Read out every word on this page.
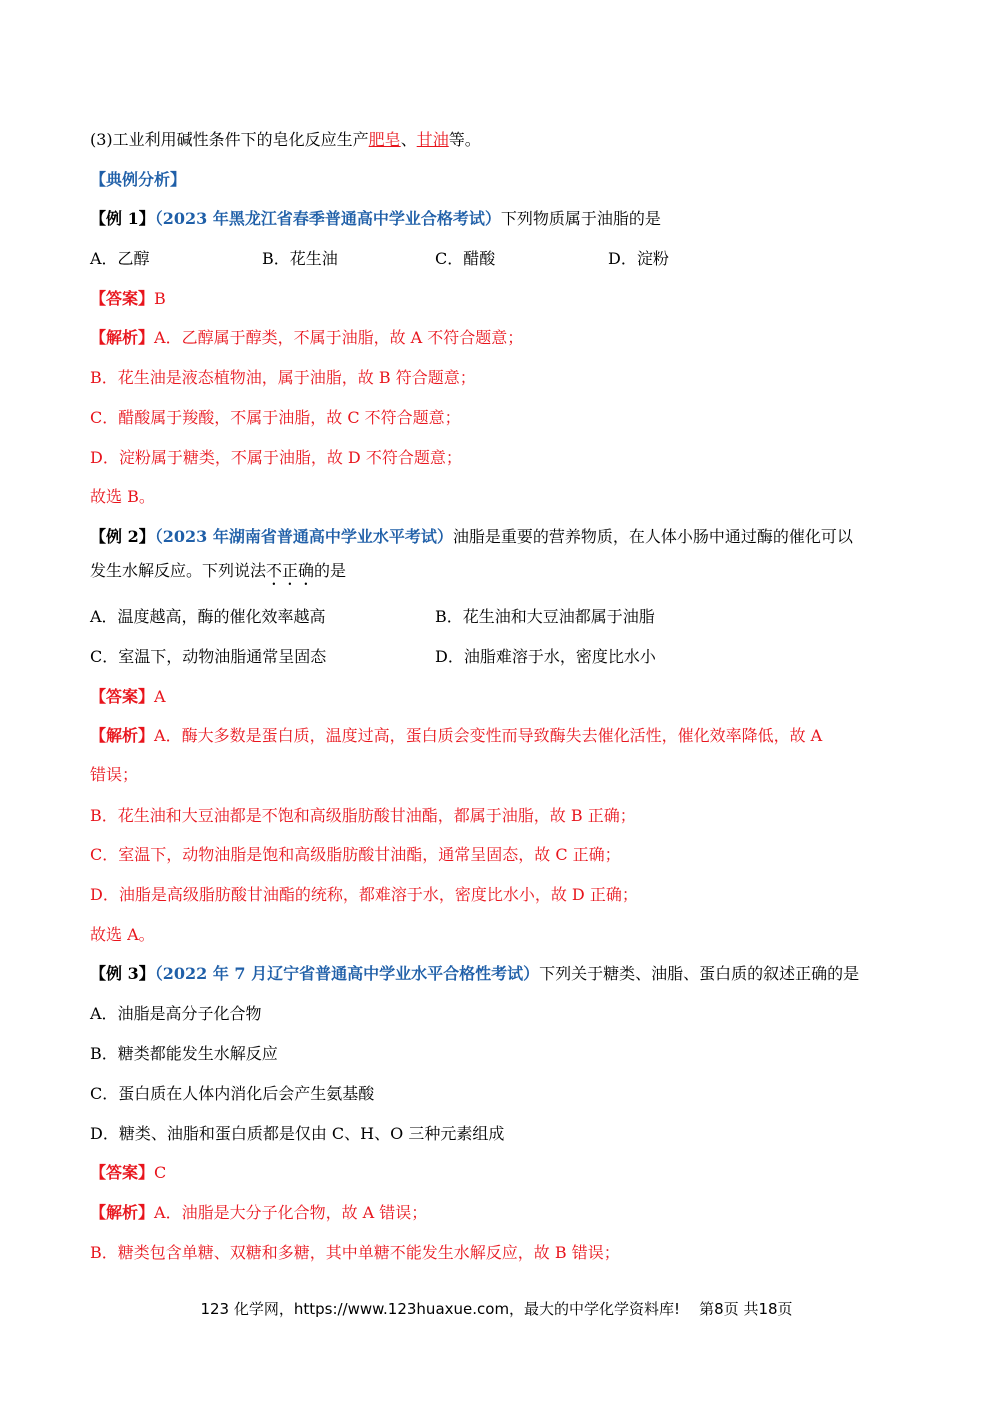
(3)工业利用碱性条件下的皂化反应生产肥皂、甘油等。
【典例分析】
【例 1】（2023 年黑龙江省春季普通高中学业合格考试）下列物质属于油脂的是
A．乙醇	B．花生油	C．醋酸	D．淀粉
【答案】B
【解析】A．乙醇属于醇类，不属于油脂，故 A 不符合题意；
B．花生油是液态植物油，属于油脂，故 B 符合题意；
C．醋酸属于羧酸，不属于油脂，故 C 不符合题意；
D．淀粉属于糖类，不属于油脂，故 D 不符合题意；
故选 B。
【例 2】（2023 年湖南省普通高中学业水平考试）油脂是重要的营养物质，在人体小肠中通过酶的催化可以
发生水解反应。下列说法不正确的是
A．温度越高，酶的催化效率越高	B．花生油和大豆油都属于油脂
C．室温下，动物油脂通常呈固态	D．油脂难溶于水，密度比水小
【答案】A
【解析】A．酶大多数是蛋白质，温度过高，蛋白质会变性而导致酶失去催化活性，催化效率降低，故 A
错误；
B．花生油和大豆油都是不饱和高级脂肪酸甘油酯，都属于油脂，故 B 正确；
C．室温下，动物油脂是饱和高级脂肪酸甘油酯，通常呈固态，故 C 正确；
D．油脂是高级脂肪酸甘油酯的统称，都难溶于水，密度比水小，故 D 正确；
故选 A。
【例 3】（2022 年 7 月辽宁省普通高中学业水平合格性考试）下列关于糖类、油脂、蛋白质的叙述正确的是
A．油脂是高分子化合物
B．糖类都能发生水解反应
C．蛋白质在人体内消化后会产生氨基酸
D．糖类、油脂和蛋白质都是仅由 C、H、O 三种元素组成
【答案】C
【解析】A．油脂是大分子化合物，故 A 错误；
B．糖类包含单糖、双糖和多糖，其中单糖不能发生水解反应，故 B 错误；
123 化学网，https://www.123huaxue.com，最大的中学化学资料库! 第8页 共18页
